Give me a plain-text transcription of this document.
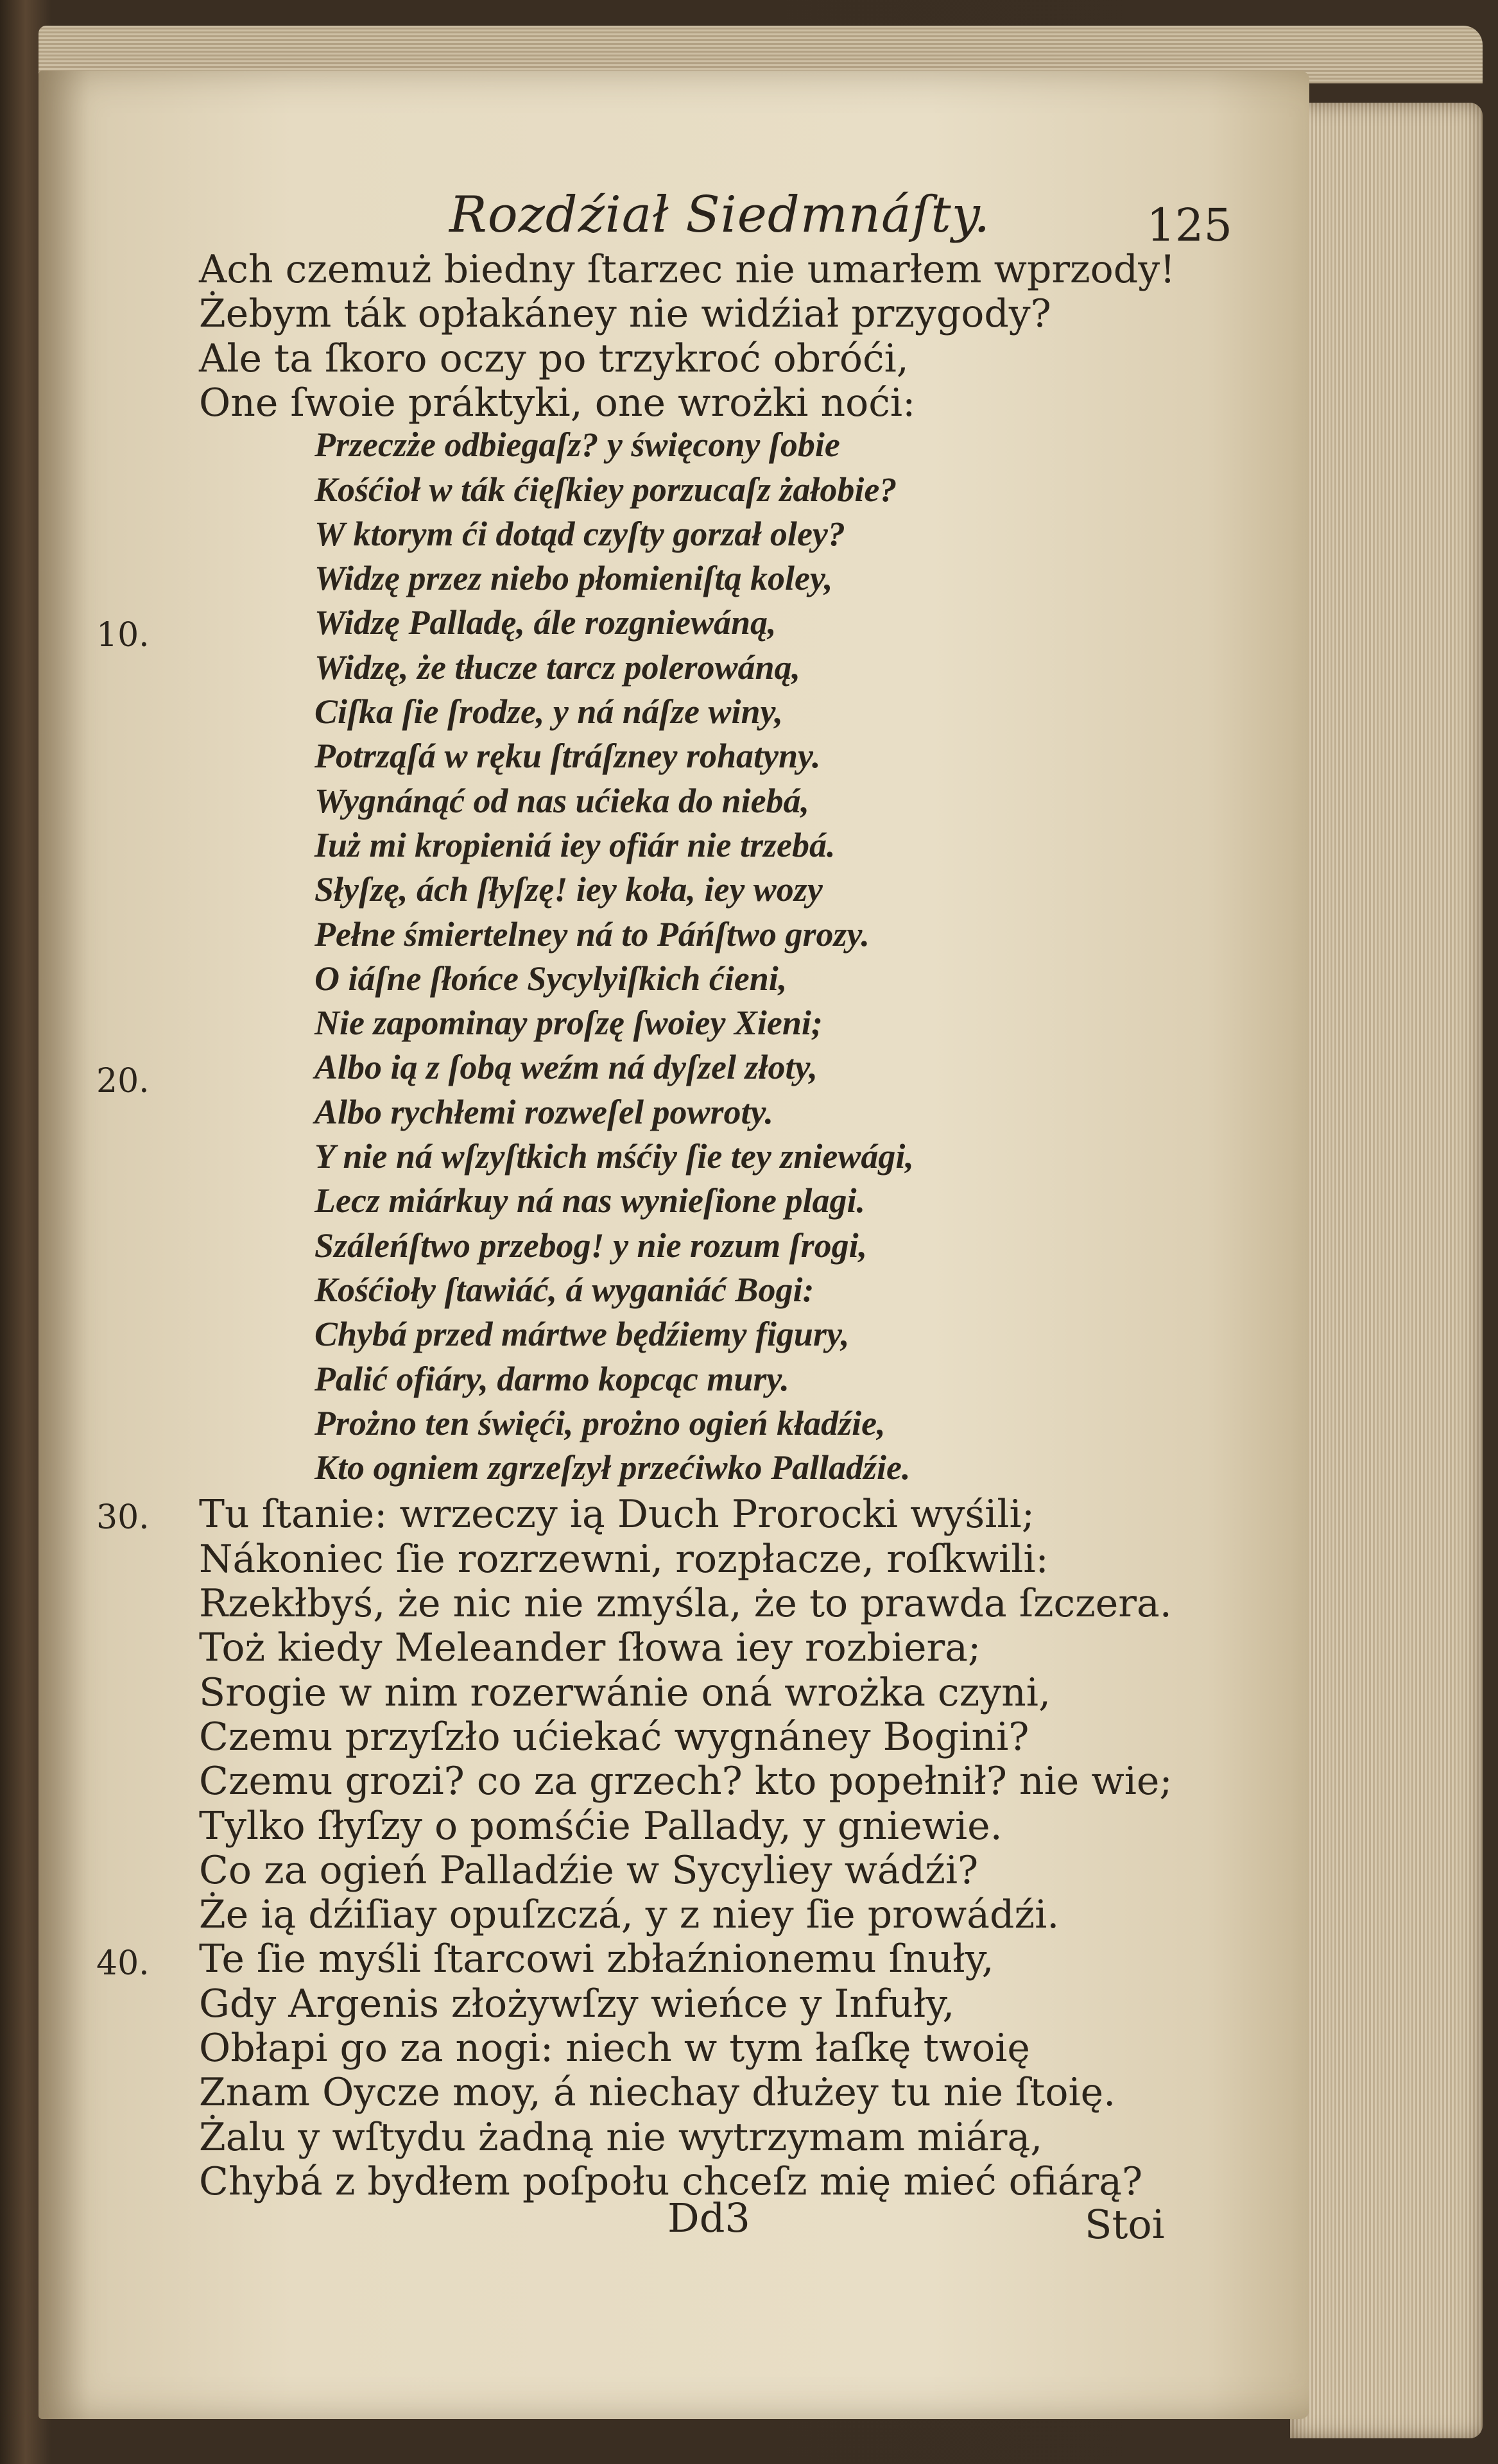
Rozdźiał Siedmnáſty.	125
Ach czemuż biedny ſtarzec nie umarłem wprzody!
Żebym ták opłakáney nie widźiał przygody?
Ale ta ſkoro oczy po trzykroć obróći,
One ſwoie práktyki, one wrożki noći:
Przeczże odbiegaſz? y święcony ſobie
Kośćioł w ták ćięſkiey porzucaſz żałobie?
W ktorym ći dotąd czyſty gorzał oley?
Widzę przez niebo płomieniſtą koley,
Widzę Palladę, ále rozgniewáną,
Widzę, że tłucze tarcz polerowáną,
Ciſka ſie ſrodze, y ná náſze winy,
Potrząſá w ręku ſtráſzney rohatyny.
Wygnánąć od nas ućieka do niebá,
Iuż mi kropieniá iey ofiár nie trzebá.
Słyſzę, ách ſłyſzę! iey koła, iey wozy
Pełne śmiertelney ná to Páńſtwo grozy.
O iáſne ſłońce Sycylyiſkich ćieni,
Nie zapominay proſzę ſwoiey Xieni;
Albo ią z ſobą weźm ná dyſzel złoty,
Albo rychłemi rozweſel powroty.
Y nie ná wſzyſtkich mśćiy ſie tey zniewági,
Lecz miárkuy ná nas wynieſione plagi.
Száleńſtwo przebog! y nie rozum ſrogi,
Kośćioły ſtawiáć, á wyganiáć Bogi:
Chybá przed mártwe będźiemy figury,
Palić ofiáry, darmo kopcąc mury.
Prożno ten święći, prożno ogień kładźie,
Kto ogniem zgrzeſzył przećiwko Palladźie.
Tu ſtanie: wrzeczy ią Duch Prorocki wyśili;
Nákoniec ſie rozrzewni, rozpłacze, roſkwili:
Rzekłbyś, że nic nie zmyśla, że to prawda ſzczera.
Toż kiedy Meleander ſłowa iey rozbiera;
Srogie w nim rozerwánie oná wrożka czyni,
Czemu przyſzło ućiekać wygnáney Bogini?
Czemu grozi? co za grzech? kto popełnił? nie wie;
Tylko ſłyſzy o pomśćie Pallady, y gniewie.
Co za ogień Palladźie w Sycyliey wádźi?
Że ią dźiſiay opuſzczá, y z niey ſie prowádźi.
Te ſie myśli ſtarcowi zbłaźnionemu ſnuły,
Gdy Argenis złożywſzy wieńce y Infuły,
Obłapi go za nogi: niech w tym łaſkę twoię
Znam Oycze moy, á niechay dłużey tu nie ſtoię.
Żalu y wſtydu żadną nie wytrzymam miárą,
Chybá z bydłem poſpołu chceſz mię mieć ofiárą?
10.
20.
30.
40.
Dd3	Stoi
